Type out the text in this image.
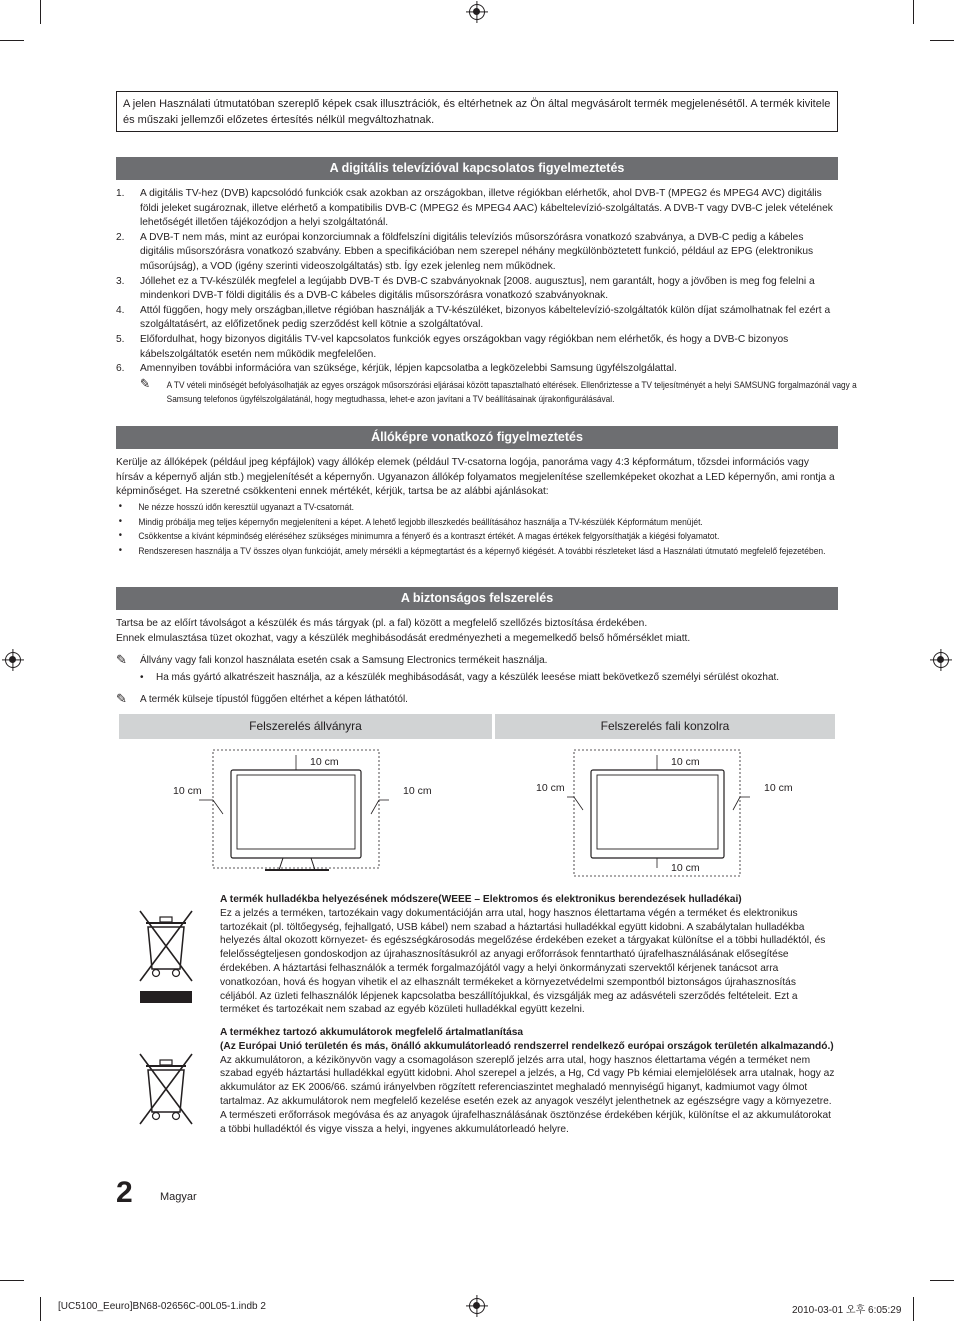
A jelen Használati útmutatóban szereplő képek csak illusztrációk, és eltérhetnek az Ön által megvásárolt termék megjelenésétől. A termék kivitele és műszaki jellemzői előzetes értesítés nélkül megváltozhatnak.
A digitális televízióval kapcsolatos figyelmeztetés
1. A digitális TV-hez (DVB) kapcsolódó funkciók csak azokban az országokban, illetve régiókban elérhetők, ahol DVB-T (MPEG2 és MPEG4 AVC) digitális földi jeleket sugároznak, illetve elérhető a kompatibilis DVB-C (MPEG2 és MPEG4 AAC) kábeltelevízió-szolgáltatás. A DVB-T vagy DVB-C jelek vételének lehetőségét illetően tájékozódjon a helyi szolgáltatónál.
2. A DVB-T nem más, mint az európai konzorciumnak a földfelszíni digitális televíziós műsorszórásra vonatkozó szabványa, a DVB-C pedig a kábeles digitális műsorszórásra vonatkozó szabvány. Ebben a specifikációban nem szerepel néhány megkülönböztetett funkció, például az EPG (elektronikus műsorújság), a VOD (igény szerinti videoszolgáltatás) stb. Így ezek jelenleg nem működnek.
3. Jóllehet ez a TV-készülék megfelel a legújabb DVB-T és DVB-C szabványoknak [2008. augusztus], nem garantált, hogy a jövőben is meg fog felelni a mindenkori DVB-T földi digitális és a DVB-C kábeles digitális műsorszórásra vonatkozó szabványoknak.
4. Attól függően, hogy mely országban,illetve régióban használják a TV-készüléket, bizonyos kábeltelevízió-szolgáltatók külön díjat számolhatnak fel ezért a szolgáltatásért, az előfizetőnek pedig szerződést kell kötnie a szolgáltatóval.
5. Előfordulhat, hogy bizonyos digitális TV-vel kapcsolatos funkciók egyes országokban vagy régiókban nem elérhetők, és hogy a DVB-C bizonyos kábelszolgáltatók esetén nem működik megfelelően.
6. Amennyiben további információra van szüksége, kérjük, lépjen kapcsolatba a legközelebbi Samsung ügyfélszolgálattal.
✎ A TV vételi minőségét befolyásolhatják az egyes országok műsorszórási eljárásai között tapasztalható eltérések. Ellenőriztesse a TV teljesítményét a helyi SAMSUNG forgalmazónál vagy a Samsung telefonos ügyfélszolgálatánál, hogy megtudhassa, lehet-e azon javítani a TV beállításainak újrakonfigurálásával.
Állóképre vonatkozó figyelmeztetés
Kerülje az állóképek (például jpeg képfájlok) vagy állókép elemek (például TV-csatorna logója, panoráma vagy 4:3 képformátum, tőzsdei információs vagy hírsáv a képernyő alján stb.) megjelenítését a képernyőn. Ugyanazon állókép folyamatos megjelenítése szellemképeket okozhat a LED képernyőn, ami rontja a képminőséget. Ha szeretné csökkenteni ennek mértékét, kérjük, tartsa be az alábbi ajánlásokat:
• Ne nézze hosszú időn keresztül ugyanazt a TV-csatornát.
• Mindig próbálja meg teljes képernyőn megjeleníteni a képet. A lehető legjobb illeszkedés beállításához használja a TV-készülék Képformátum menüjét.
• Csökkentse a kívánt képminőség eléréséhez szükséges minimumra a fényerő és a kontraszt értékét. A magas értékek felgyorsíthatják a kiégési folyamatot.
• Rendszeresen használja a TV összes olyan funkcióját, amely mérsékli a képmegtartást és a képernyő kiégését. A további részleteket lásd a Használati útmutató megfelelő fejezetében.
A biztonságos felszerelés
Tartsa be az előírt távolságot a készülék és más tárgyak (pl. a fal) között a megfelelő szellőzés biztosítása érdekében.
Ennek elmulasztása tüzet okozhat, vagy a készülék meghibásodását eredményezheti a megemelkedő belső hőmérséklet miatt.
✎ Állvány vagy fali konzol használata esetén csak a Samsung Electronics termékeit használja.
• Ha más gyártó alkatrészeit használja, az a készülék meghibásodását, vagy a készülék leesése miatt bekövetkező személyi sérülést okozhat.
✎ A termék külseje típustól függően eltérhet a képen láthatótól.
Felszerelés állványra	Felszerelés fali konzolra
10 cm
10 cm	10 cm
10 cm
10 cm	10 cm
10 cm
A termék hulladékba helyezésének módszere(WEEE – Elektromos és elektronikus berendezések hulladékai)
Ez a jelzés a terméken, tartozékain vagy dokumentációján arra utal, hogy hasznos élettartama végén a terméket és elektronikus tartozékait (pl. töltőegység, fejhallgató, USB kábel) nem szabad a háztartási hulladékkal együtt kidobni. A szabálytalan hulladékba helyezés által okozott környezet- és egészségkárosodás megelőzése érdekében ezeket a tárgyakat különítse el a többi hulladéktól, és felelősségteljesen gondoskodjon az újrahasznosításukról az anyagi erőforrások fenntartható újrafelhasználásának elősegítése érdekében. A háztartási felhasználók a termék forgalmazójától vagy a helyi önkormányzati szervektől kérjenek tanácsot arra vonatkozóan, hová és hogyan vihetik el az elhasznált termékeket a környezetvédelmi szempontból biztonságos újrahasznosítás céljából. Az üzleti felhasználók lépjenek kapcsolatba beszállítójukkal, és vizsgálják meg az adásvételi szerződés feltételeit. Ezt a terméket és tartozékait nem szabad az egyéb közületi hulladékkal együtt kezelni.
A termékhez tartozó akkumulátorok megfelelő ártalmatlanítása
(Az Európai Unió területén és más, önálló akkumulátorleadó rendszerrel rendelkező európai országok területén alkalmazandó.)
Az akkumulátoron, a kézikönyvön vagy a csomagoláson szereplő jelzés arra utal, hogy hasznos élettartama végén a terméket nem szabad egyéb háztartási hulladékkal együtt kidobni. Ahol szerepel a jelzés, a Hg, Cd vagy Pb kémiai elemjelölések arra utalnak, hogy az akkumulátor az EK 2006/66. számú irányelvben rögzített referenciaszintet meghaladó mennyiségű higanyt, kadmiumot vagy ólmot tartalmaz. Az akkumulátorok nem megfelelő kezelése esetén ezek az anyagok veszélyt jelenthetnek az egészségre vagy a környezetre. A természeti erőforrások megóvása és az anyagok újrafelhasználásának ösztönzése érdekében kérjük, különítse el az akkumulátorokat a többi hulladéktól és vigye vissza a helyi, ingyenes akkumulátorleadó helyre.
2 Magyar
[UC5100_Eeuro]BN68-02656C-00L05-1.indb 2	2010-03-01 오후 6:05:29
